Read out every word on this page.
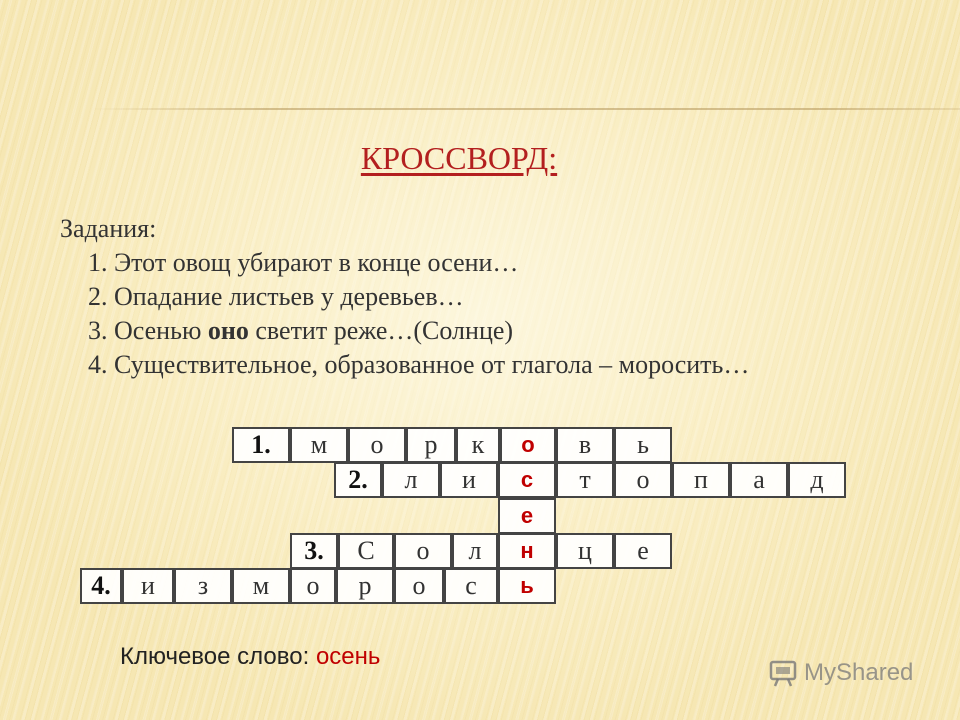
КРОССВОРД:
Задания:
1. Этот овощ убирают в конце осени…
2. Опадание листьев у деревьев…
3. Осенью оно светит реже…(Солнце)
4. Существительное, образованное от глагола – моросить…
1.	м	о	р	к	о	в	ь
2.	л	и	с	т	о	п	а	д
е
3.	С	о	л	н	ц	е
4.	и	з	м	о	р	о	с	ь
Ключевое слово: осень
MyShared
